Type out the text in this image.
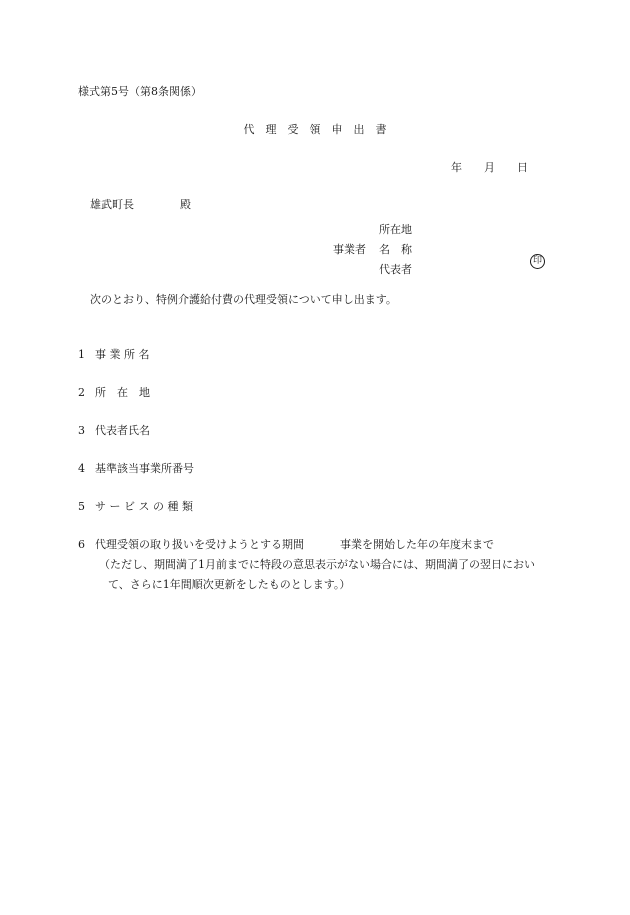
様式第5号（第8条関係）
代　理　受　領　申　出　書
年 月 日
雄武町長	殿
所在地
事業者	名　称
代表者
印
次のとおり、特例介護給付費の代理受領について申し出ます。
1 事 業 所 名
2 所　在　地
3 代表者氏名
4 基準該当事業所番号
5 サ ー ビ ス の 種 類
6 代理受領の取り扱いを受けようとする期間	事業を開始した年の年度末まで
（ただし、期間満了1月前までに特段の意思表示がない場合には、期間満了の翌日におい
て、さらに1年間順次更新をしたものとします。）
